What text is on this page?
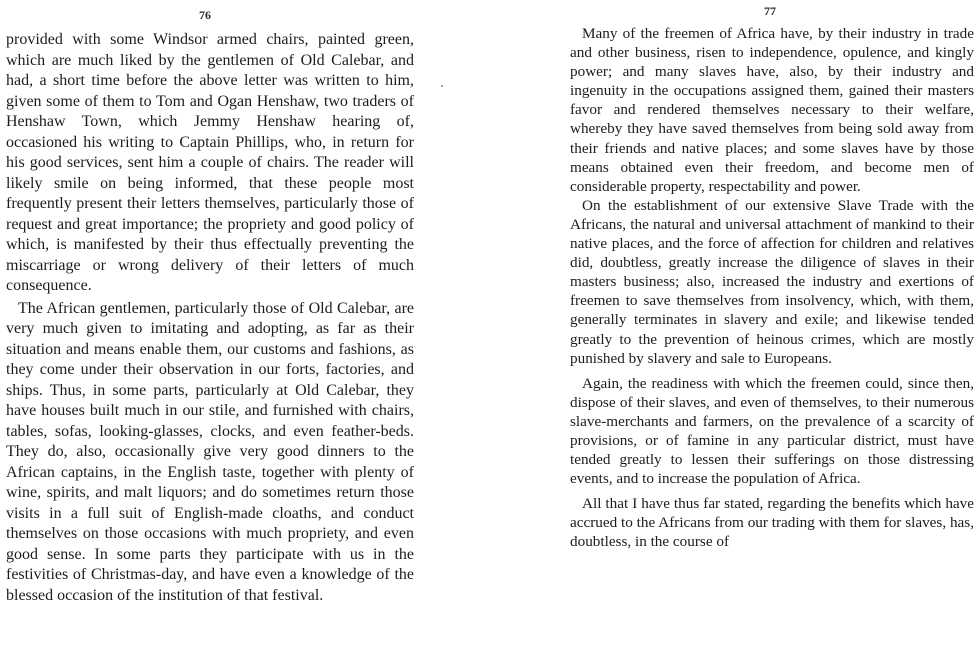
76

provided with some Windsor armed chairs, painted green, which are much liked by the gentlemen of Old Calebar, and had, a short time before the above letter was written to him, given some of them to Tom and Ogan Henshaw, two traders of Henshaw Town, which Jemmy Henshaw hearing of, occasioned his writing to Captain Phillips, who, in return for his good services, sent him a couple of chairs. The reader will likely smile on being informed, that these people most frequently present their letters themselves, particularly those of request and great importance; the propriety and good policy of which, is manifested by their thus effectually preventing the miscarriage or wrong delivery of their letters of much consequence.

The African gentlemen, particularly those of Old Calebar, are very much given to imitating and adopting, as far as their situation and means enable them, our customs and fashions, as they come under their observation in our forts, factories, and ships. Thus, in some parts, particularly at Old Calebar, they have houses built much in our stile, and furnished with chairs, tables, sofas, looking-glasses, clocks, and even feather-beds. They do, also, occasionally give very good dinners to the African captains, in the English taste, together with plenty of wine, spirits, and malt liquors; and do sometimes return those visits in a full suit of English-made cloaths, and conduct themselves on those occasions with much propriety, and even good sense. In some parts they participate with us in the festivities of Christmas-day, and have even a knowledge of the blessed occasion of the institution of that festival.

77

Many of the freemen of Africa have, by their industry in trade and other business, risen to independence, opulence, and kingly power; and many slaves have, also, by their industry and ingenuity in the occupations assigned them, gained their masters favor and rendered themselves necessary to their welfare, whereby they have saved themselves from being sold away from their friends and native places; and some slaves have by those means obtained even their freedom, and become men of considerable property, respectability and power.

On the establishment of our extensive Slave Trade with the Africans, the natural and universal attachment of mankind to their native places, and the force of affection for children and relatives did, doubtless, greatly increase the diligence of slaves in their masters business; also, increased the industry and exertions of freemen to save themselves from insolvency, which, with them, generally terminates in slavery and exile; and likewise tended greatly to the prevention of heinous crimes, which are mostly punished by slavery and sale to Europeans.

Again, the readiness with which the freemen could, since then, dispose of their slaves, and even of themselves, to their numerous slave-merchants and farmers, on the prevalence of a scarcity of provisions, or of famine in any particular district, must have tended greatly to lessen their sufferings on those distressing events, and to increase the population of Africa.

All that I have thus far stated, regarding the benefits which have accrued to the Africans from our trading with them for slaves, has, doubtless, in the course of
